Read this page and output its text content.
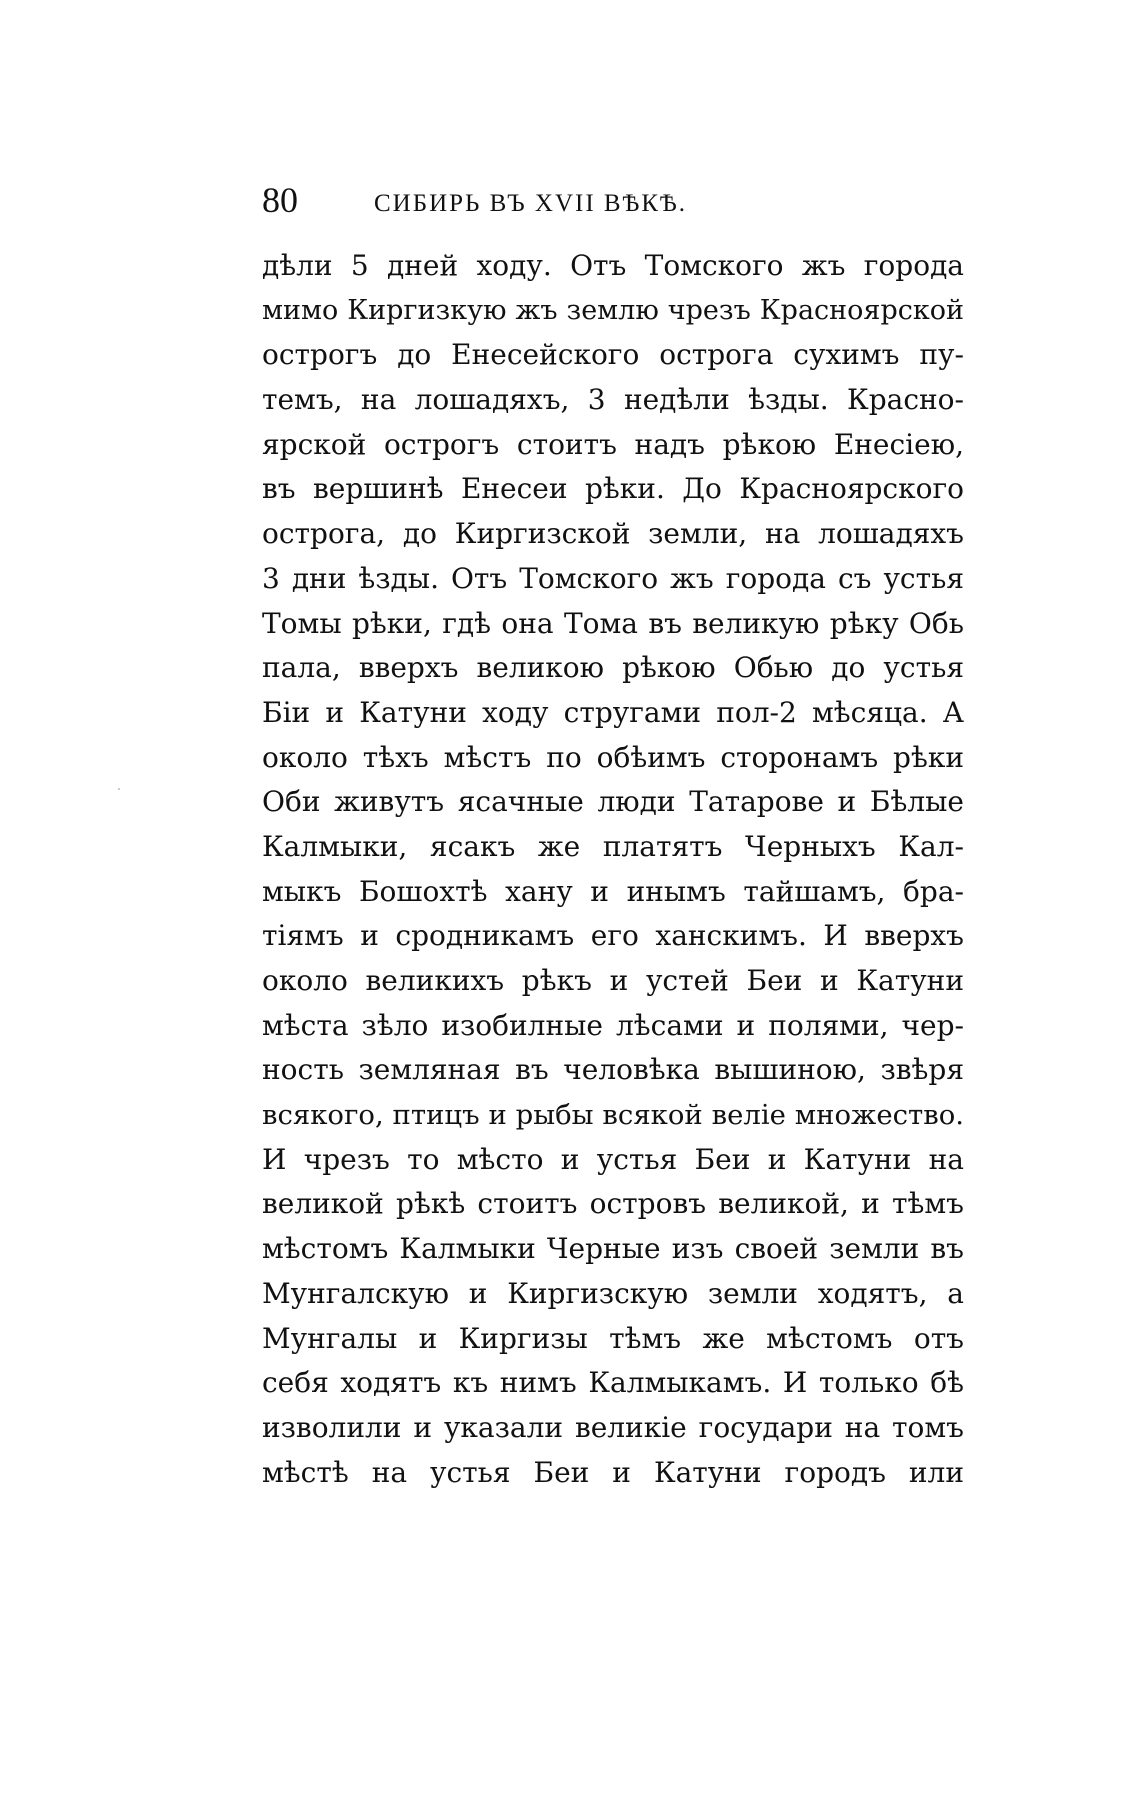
80	СИБИРЬ ВЪ XVII ВѢКѢ.
дѣли 5 дней ходу. Отъ Томского жъ города
мимо Киргизкую жъ землю чрезъ Красноярской
острогъ до Енесейского острога сухимъ пу-
темъ, на лошадяхъ, 3 недѣли ѣзды. Красно-
ярской острогъ стоитъ надъ рѣкою Енесіею,
въ вершинѣ Енесеи рѣки. До Красноярского
острога, до Киргизской земли, на лошадяхъ
3 дни ѣзды. Отъ Томского жъ города съ устья
Томы рѣки, гдѣ она Тома въ великую рѣку Обь
пала, вверхъ великою рѣкою Обью до устья
Біи и Катуни ходу стругами пол-2 мѣсяца. А
около тѣхъ мѣстъ по обѣимъ сторонамъ рѣки
Оби живутъ ясачные люди Татарове и Бѣлые
Калмыки, ясакъ же платятъ Черныхъ Кал-
мыкъ Бошохтѣ хану и инымъ тайшамъ, бра-
тіямъ и сродникамъ его ханскимъ. И вверхъ
около великихъ рѣкъ и устей Беи и Катуни
мѣста зѣло изобилные лѣсами и полями, чер-
ность земляная въ человѣка вышиною, звѣря
всякого, птицъ и рыбы всякой веліе множество.
И чрезъ то мѣсто и устья Беи и Катуни на
великой рѣкѣ стоитъ островъ великой, и тѣмъ
мѣстомъ Калмыки Черные изъ своей земли въ
Мунгалскую и Киргизскую земли ходятъ, а
Мунгалы и Киргизы тѣмъ же мѣстомъ отъ
себя ходятъ къ нимъ Калмыкамъ. И только бѣ
изволили и указали великіе государи на томъ
мѣстѣ на устья Беи и Катуни городъ или
